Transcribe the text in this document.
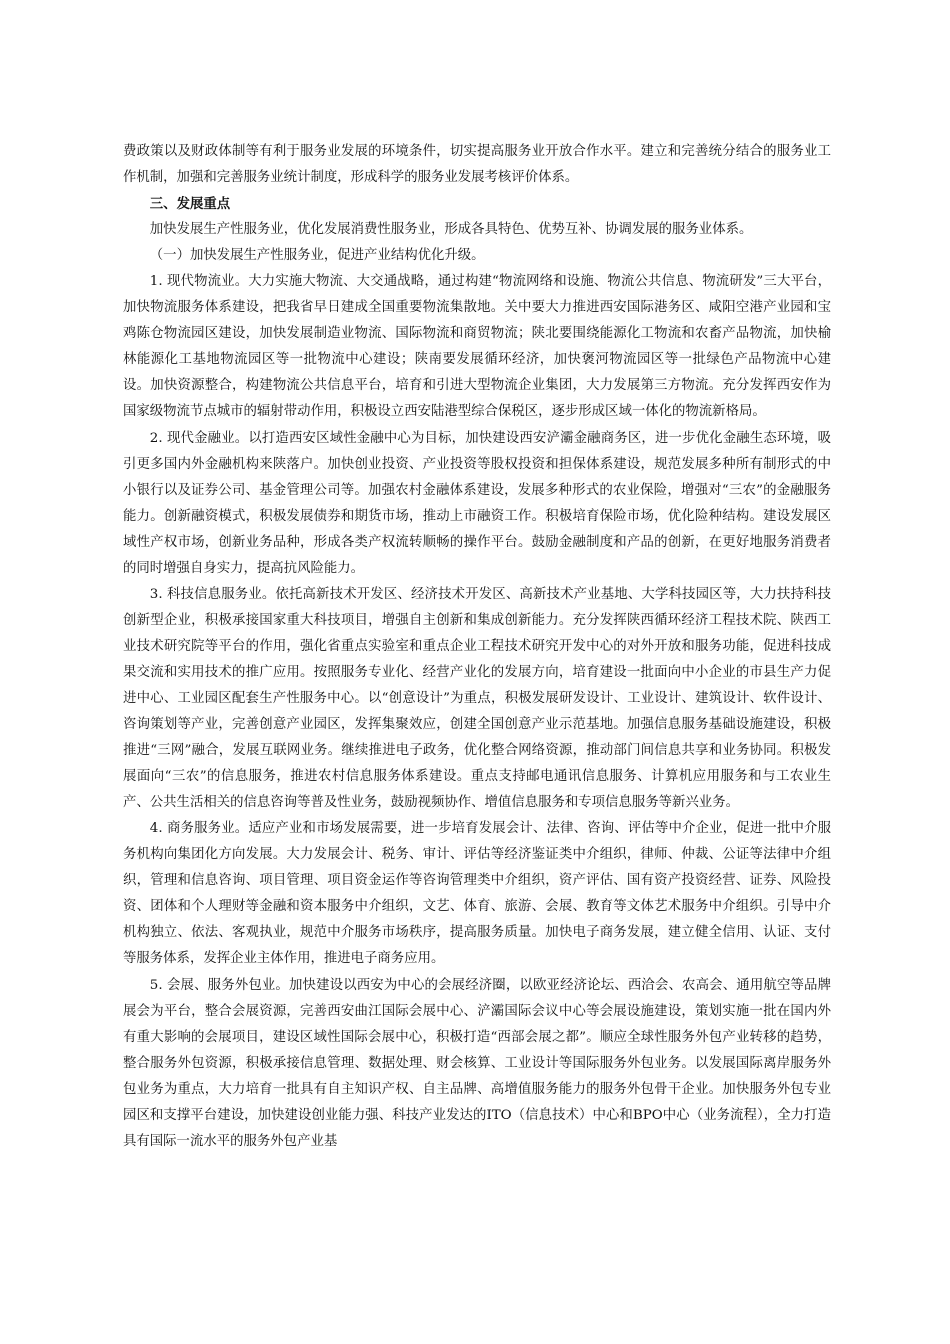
费政策以及财政体制等有利于服务业发展的环境条件，切实提高服务业开放合作水平。建立和完善统分结合的服务业工作机制，加强和完善服务业统计制度，形成科学的服务业发展考核评价体系。

三、发展重点

加快发展生产性服务业，优化发展消费性服务业，形成各具特色、优势互补、协调发展的服务业体系。

（一）加快发展生产性服务业，促进产业结构优化升级。

1. 现代物流业。大力实施大物流、大交通战略，通过构建“物流网络和设施、物流公共信息、物流研发”三大平台，加快物流服务体系建设，把我省早日建成全国重要物流集散地。关中要大力推进西安国际港务区、咸阳空港产业园和宝鸡陈仓物流园区建设，加快发展制造业物流、国际物流和商贸物流；陕北要围绕能源化工物流和农畜产品物流，加快榆林能源化工基地物流园区等一批物流中心建设；陕南要发展循环经济，加快褒河物流园区等一批绿色产品物流中心建设。加快资源整合，构建物流公共信息平台，培育和引进大型物流企业集团，大力发展第三方物流。充分发挥西安作为国家级物流节点城市的辐射带动作用，积极设立西安陆港型综合保税区，逐步形成区域一体化的物流新格局。

2. 现代金融业。以打造西安区域性金融中心为目标，加快建设西安浐灞金融商务区，进一步优化金融生态环境，吸引更多国内外金融机构来陕落户。加快创业投资、产业投资等股权投资和担保体系建设，规范发展多种所有制形式的中小银行以及证券公司、基金管理公司等。加强农村金融体系建设，发展多种形式的农业保险，增强对“三农”的金融服务能力。创新融资模式，积极发展债券和期货市场，推动上市融资工作。积极培育保险市场，优化险种结构。建设发展区域性产权市场，创新业务品种，形成各类产权流转顺畅的操作平台。鼓励金融制度和产品的创新，在更好地服务消费者的同时增强自身实力，提高抗风险能力。

3. 科技信息服务业。依托高新技术开发区、经济技术开发区、高新技术产业基地、大学科技园区等，大力扶持科技创新型企业，积极承接国家重大科技项目，增强自主创新和集成创新能力。充分发挥陕西循环经济工程技术院、陕西工业技术研究院等平台的作用，强化省重点实验室和重点企业工程技术研究开发中心的对外开放和服务功能，促进科技成果交流和实用技术的推广应用。按照服务专业化、经营产业化的发展方向，培育建设一批面向中小企业的市县生产力促进中心、工业园区配套生产性服务中心。以“创意设计”为重点，积极发展研发设计、工业设计、建筑设计、软件设计、咨询策划等产业，完善创意产业园区，发挥集聚效应，创建全国创意产业示范基地。加强信息服务基础设施建设，积极推进“三网”融合，发展互联网业务。继续推进电子政务，优化整合网络资源，推动部门间信息共享和业务协同。积极发展面向“三农”的信息服务，推进农村信息服务体系建设。重点支持邮电通讯信息服务、计算机应用服务和与工农业生产、公共生活相关的信息咨询等普及性业务，鼓励视频协作、增值信息服务和专项信息服务等新兴业务。

4. 商务服务业。适应产业和市场发展需要，进一步培育发展会计、法律、咨询、评估等中介企业，促进一批中介服务机构向集团化方向发展。大力发展会计、税务、审计、评估等经济鉴证类中介组织，律师、仲裁、公证等法律中介组织，管理和信息咨询、项目管理、项目资金运作等咨询管理类中介组织，资产评估、国有资产投资经营、证券、风险投资、团体和个人理财等金融和资本服务中介组织，文艺、体育、旅游、会展、教育等文体艺术服务中介组织。引导中介机构独立、依法、客观执业，规范中介服务市场秩序，提高服务质量。加快电子商务发展，建立健全信用、认证、支付等服务体系，发挥企业主体作用，推进电子商务应用。

5. 会展、服务外包业。加快建设以西安为中心的会展经济圈，以欧亚经济论坛、西洽会、农高会、通用航空等品牌展会为平台，整合会展资源，完善西安曲江国际会展中心、浐灞国际会议中心等会展设施建设，策划实施一批在国内外有重大影响的会展项目，建设区域性国际会展中心，积极打造“西部会展之都”。顺应全球性服务外包产业转移的趋势，整合服务外包资源，积极承接信息管理、数据处理、财会核算、工业设计等国际服务外包业务。以发展国际离岸服务外包业务为重点，大力培育一批具有自主知识产权、自主品牌、高增值服务能力的服务外包骨干企业。加快服务外包专业园区和支撑平台建设，加快建设创业能力强、科技产业发达的ITO（信息技术）中心和BPO中心（业务流程），全力打造具有国际一流水平的服务外包产业基
